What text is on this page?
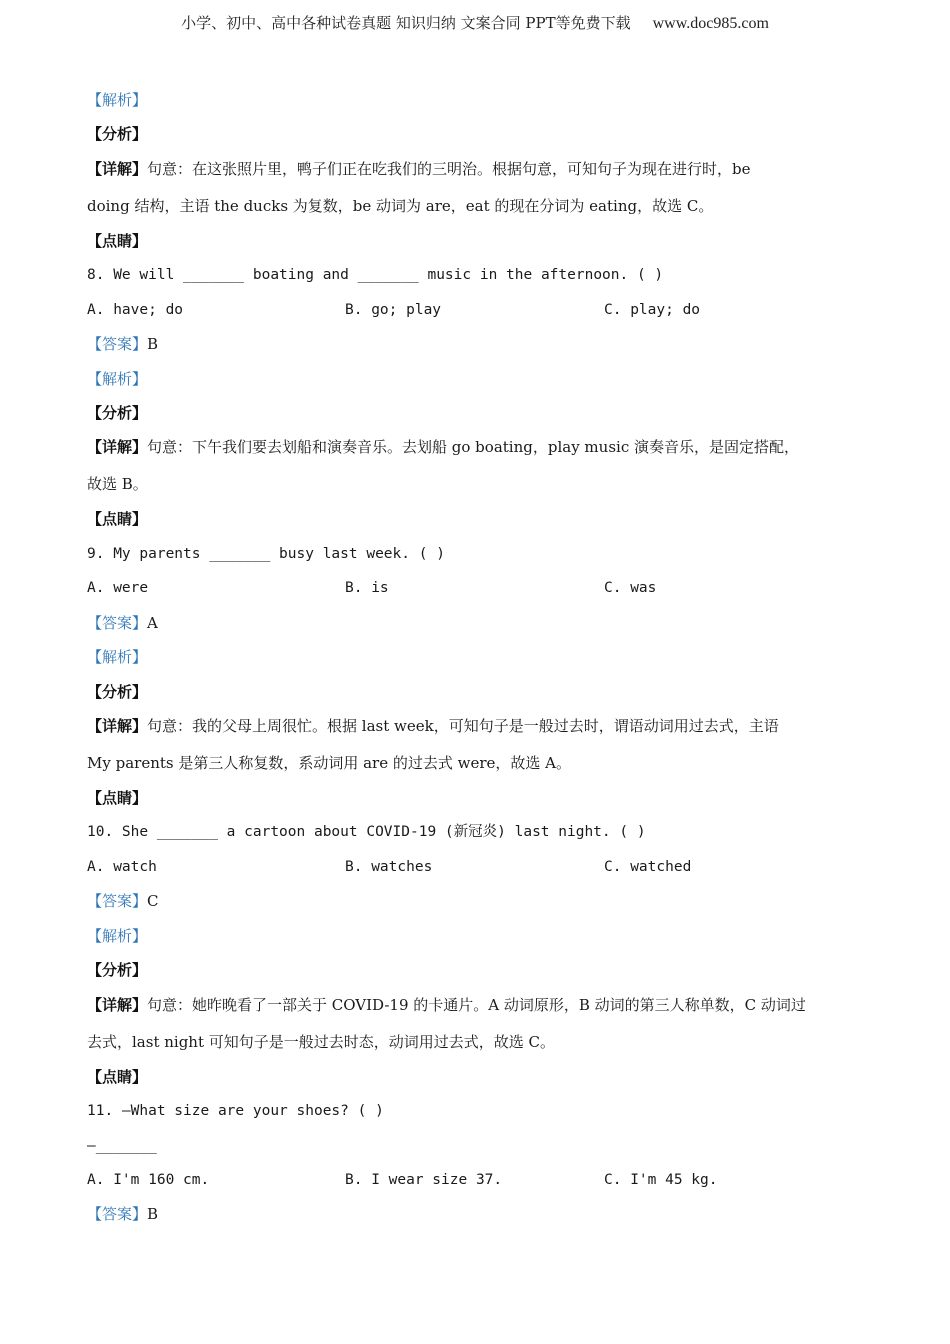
小学、初中、高中各种试卷真题 知识归纳 文案合同 PPT等免费下载 www.doc985.com
【解析】
【分析】
【详解】句意：在这张照片里，鸭子们正在吃我们的三明治。根据句意，可知句子为现在进行时，be
doing 结构，主语 the ducks 为复数，be 动词为 are，eat 的现在分词为 eating，故选 C。
【点睛】
8. We will _______ boating and _______ music in the afternoon. ( )
A. have; do	B. go; play	C. play; do
【答案】B
【解析】
【分析】
【详解】句意：下午我们要去划船和演奏音乐。去划船 go boating，play music 演奏音乐，是固定搭配，
故选 B。
【点睛】
9. My parents _______ busy last week. ( )
A. were	B. is	C. was
【答案】A
【解析】
【分析】
【详解】句意：我的父母上周很忙。根据 last week，可知句子是一般过去时，谓语动词用过去式，主语
My parents 是第三人称复数，系动词用 are 的过去式 were，故选 A。
【点睛】
10. She _______ a cartoon about COVID-19 (新冠炎) last night. ( )
A. watch	B. watches	C. watched
【答案】C
【解析】
【分析】
【详解】句意：她昨晚看了一部关于 COVID-19 的卡通片。A 动词原形，B 动词的第三人称单数，C 动词过
去式，last night 可知句子是一般过去时态，动词用过去式，故选 C。
【点睛】
11. —What size are your shoes? ( )
—_______
A. I'm 160 cm.	B. I wear size 37.	C. I'm 45 kg.
【答案】B
